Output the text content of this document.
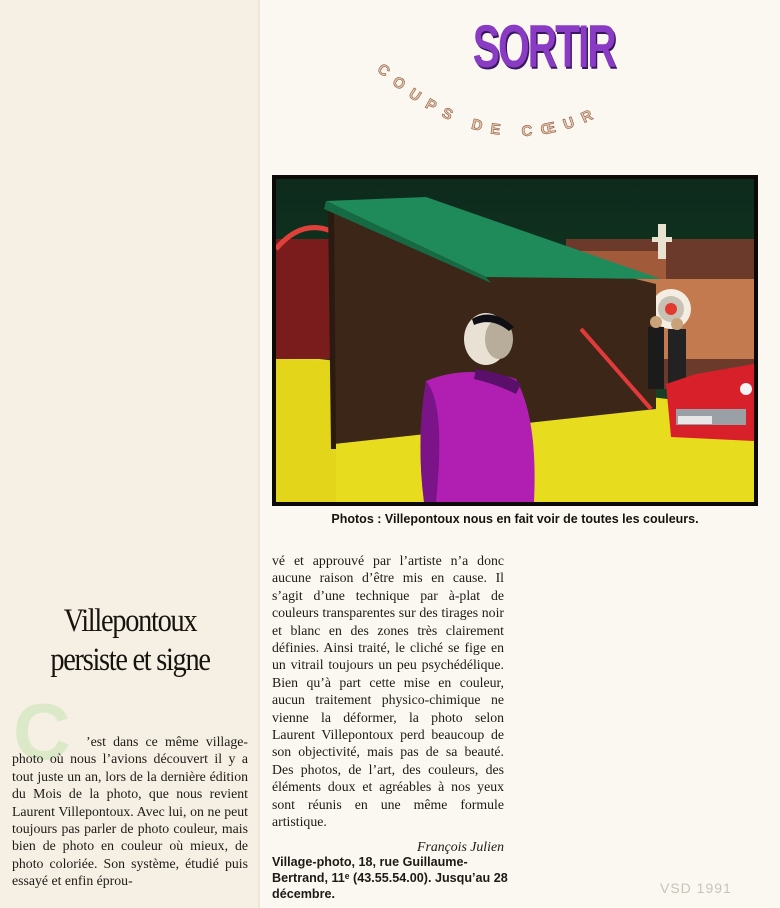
COUPS DE CŒUR
SORTIR
Photos : Villepontoux nous en fait voir de toutes les couleurs.
Villepontoux
persiste et signe
C	’est dans ce même village-photo où nous l’avions découvert il y a tout juste un an, lors de la dernière édition du Mois de la photo, que nous revient Laurent Villepontoux. Avec lui, on ne peut toujours pas parler de photo couleur, mais bien de photo en couleur où mieux, de photo coloriée. Son système, étudié puis essayé et enfin éprou-

vé et approuvé par l’artiste n’a donc aucune raison d’être mis en cause. Il s’agit d’une technique par à-plat de couleurs transparentes sur des tirages noir et blanc en des zones très clairement définies. Ainsi traité, le cliché se fige en un vitrail toujours un peu psychédélique. Bien qu’à part cette mise en couleur, aucun traitement physico-chimique ne vienne la déformer, la photo selon Laurent Villepontoux perd beaucoup de son objectivité, mais pas de sa beauté. Des photos, de l’art, des couleurs, des éléments doux et agréables à nos yeux sont réunis en une même formule artistique.

François Julien
Village-photo, 18, rue Guillaume-Bertrand, 11ᵉ (43.55.54.00). Jusqu’au 28 décembre.	VSD 1991
